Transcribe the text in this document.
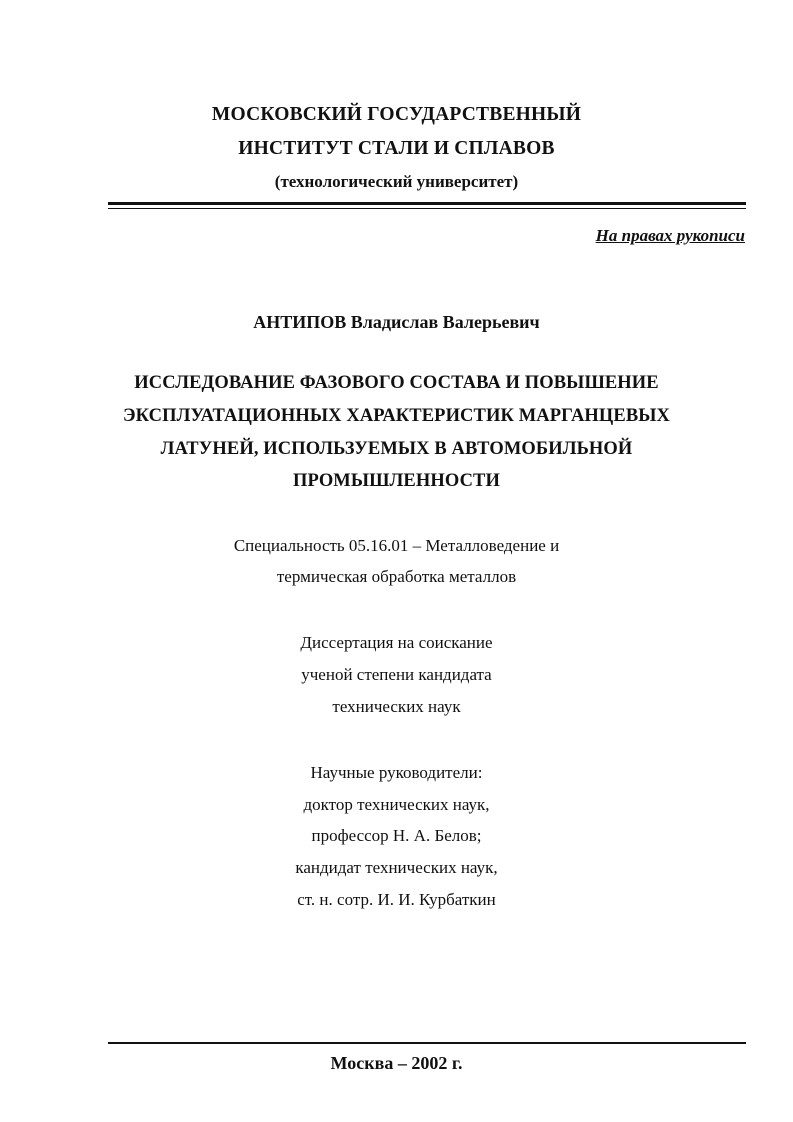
МОСКОВСКИЙ ГОСУДАРСТВЕННЫЙ
ИНСТИТУТ СТАЛИ И СПЛАВОВ
(технологический университет)
На правах рукописи
АНТИПОВ Владислав Валерьевич
ИССЛЕДОВАНИЕ ФАЗОВОГО СОСТАВА И ПОВЫШЕНИЕ
ЭКСПЛУАТАЦИОННЫХ ХАРАКТЕРИСТИК МАРГАНЦЕВЫХ
ЛАТУНЕЙ, ИСПОЛЬЗУЕМЫХ В АВТОМОБИЛЬНОЙ
ПРОМЫШЛЕННОСТИ
Специальность 05.16.01 – Металловедение и
термическая обработка металлов
Диссертация на соискание
ученой степени кандидата
технических наук
Научные руководители:
доктор технических наук,
профессор Н. А. Белов;
кандидат технических наук,
ст. н. сотр. И. И. Курбаткин
Москва – 2002 г.
